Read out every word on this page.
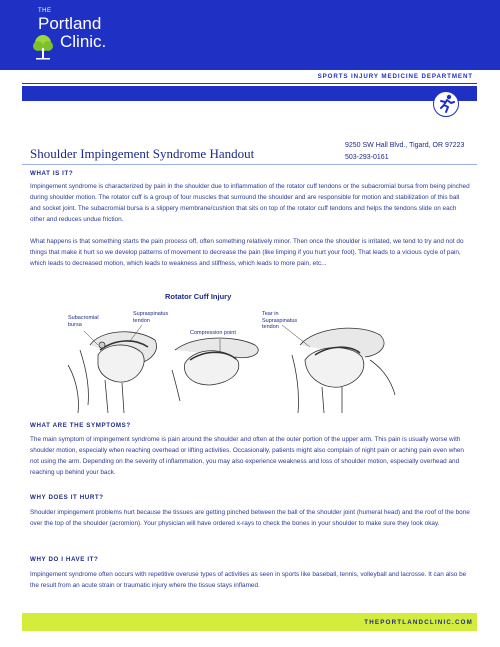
THE
Portland
Clinic.
SPORTS INJURY MEDICINE DEPARTMENT
9250 SW Hall Blvd., Tigard, OR 97223
503-293-0161
Shoulder Impingement Syndrome Handout
WHAT IS IT?
Impingement syndrome is characterized by pain in the shoulder due to inflammation of the rotator cuff tendons or the subacromial bursa from being pinched during shoulder motion. The rotator cuff is a group of four muscles that surround the shoulder and are responsible for motion and stabilization of this ball and socket joint. The subacromial bursa is a slippery membrane/cushion that sits on top of the rotator cuff tendons and helps the tendons slide on each other and reduces undue friction.
What happens is that something starts the pain process off, often something relatively minor. Then once the shoulder is irritated, we tend to try and not do things that make it hurt so we develop patterns of movement to decrease the pain (like limping if you hurt your foot). That leads to a vicious cycle of pain, which leads to decreased motion, which leads to weakness and stiffness, which leads to more pain, etc...
Rotator Cuff Injury
Subacromial bursa
Supraspinatus tendon
Compression point
Tear in Supraspinatus tendon
WHAT ARE THE SYMPTOMS?
The main symptom of impingement syndrome is pain around the shoulder and often at the outer portion of the upper arm. This pain is usually worse with shoulder motion, especially when reaching overhead or lifting activities. Occasionally, patients might also complain of night pain or aching pain even when not using the arm. Depending on the severity of inflammation, you may also experience weakness and loss of shoulder motion, especially overhead and reaching up behind your back.
WHY DOES IT HURT?
Shoulder impingement problems hurt because the tissues are getting pinched between the ball of the shoulder joint (humeral head) and the roof of the bone over the top of the shoulder (acromion). Your physician will have ordered x-rays to check the bones in your shoulder to make sure they look okay.
WHY DO I HAVE IT?
Impingement syndrome often occurs with repetitive overuse types of activities as seen in sports like baseball, tennis, volleyball and lacrosse. It can also be the result from an acute strain or traumatic injury where the tissue stays inflamed.
THEPORTLANDCLINIC.COM
